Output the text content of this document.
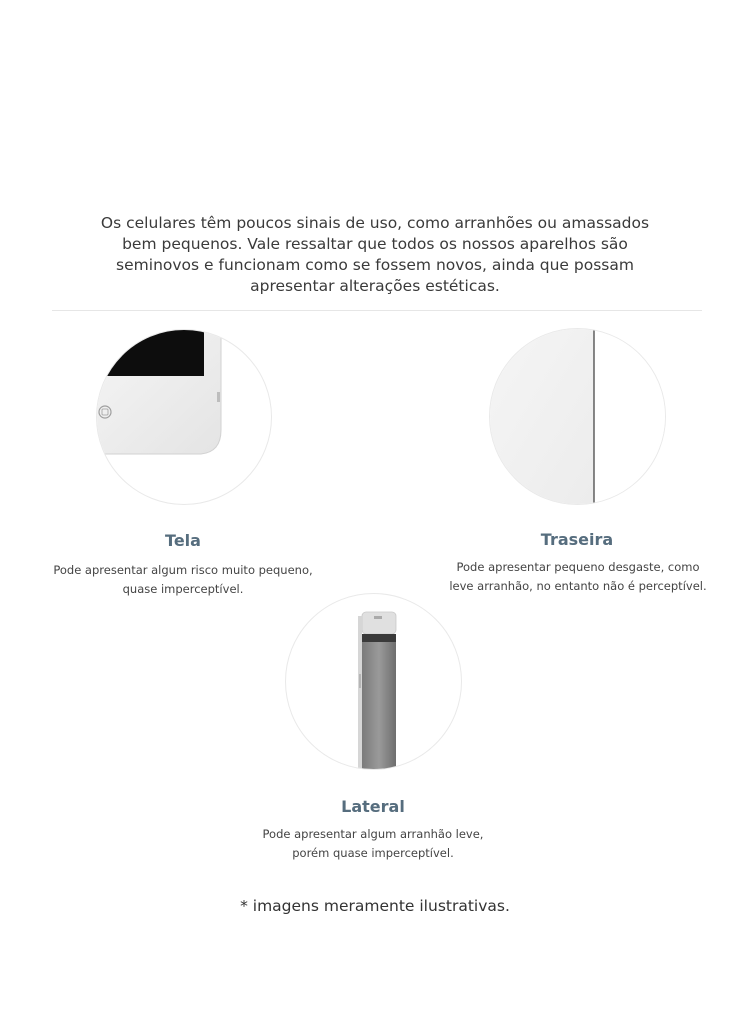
Os celulares têm poucos sinais de uso, como arranhões ou amassados
bem pequenos. Vale ressaltar que todos os nossos aparelhos são
seminovos e funcionam como se fossem novos, ainda que possam
apresentar alterações estéticas.
Tela
Pode apresentar algum risco muito pequeno,
quase imperceptível.
Traseira
Pode apresentar pequeno desgaste, como
leve arranhão, no entanto não é perceptível.
Lateral
Pode apresentar algum arranhão leve,
porém quase imperceptível.
* imagens meramente ilustrativas.
